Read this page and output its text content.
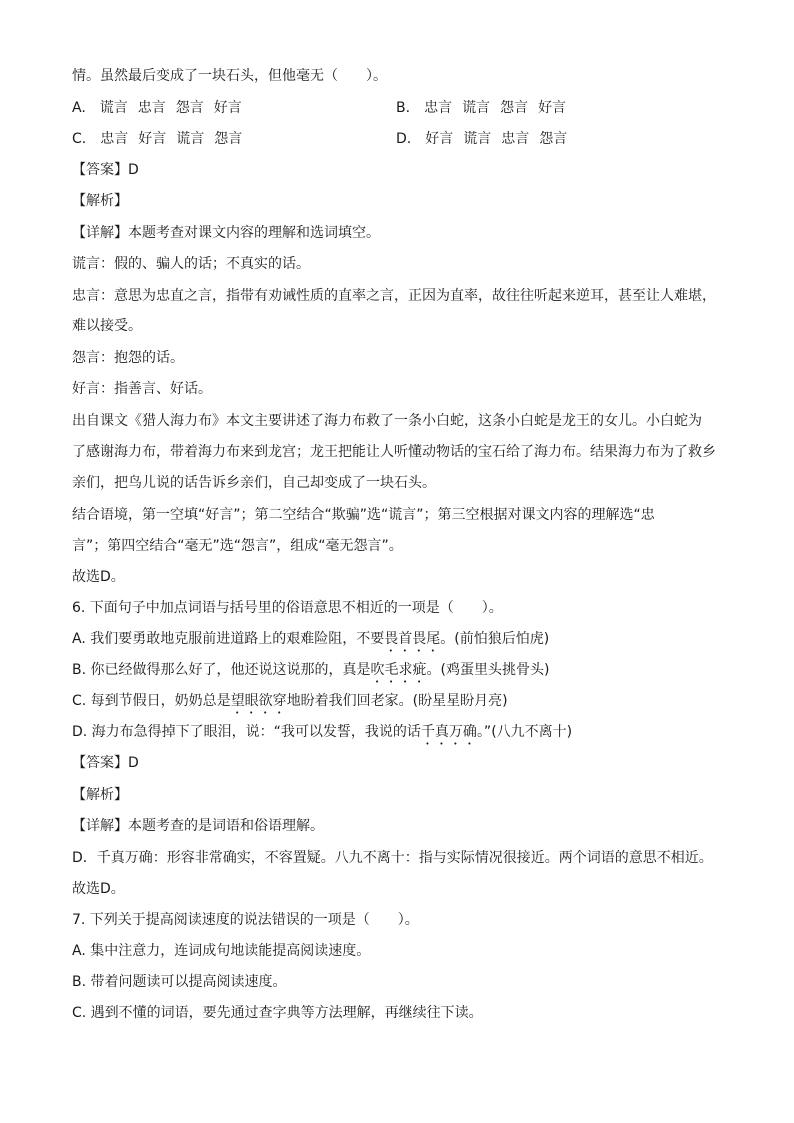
情。虽然最后变成了一块石头，但他毫无（　　）。
A. 谎言 忠言 怨言 好言	B. 忠言 谎言 怨言 好言
C. 忠言 好言 谎言 怨言	D. 好言 谎言 忠言 怨言
【答案】D
【解析】
【详解】本题考查对课文内容的理解和选词填空。
谎言：假的、骗人的话；不真实的话。
忠言：意思为忠直之言，指带有劝诫性质的直率之言，正因为直率，故往往听起来逆耳，甚至让人难堪，
难以接受。
怨言：抱怨的话。
好言：指善言、好话。
出自课文《猎人海力布》本文主要讲述了海力布救了一条小白蛇，这条小白蛇是龙王的女儿。小白蛇为
了感谢海力布，带着海力布来到龙宫；龙王把能让人听懂动物话的宝石给了海力布。结果海力布为了救乡
亲们，把鸟儿说的话告诉乡亲们，自己却变成了一块石头。
结合语境，第一空填“好言”；第二空结合“欺骗”选“谎言”；第三空根据对课文内容的理解选“忠
言”；第四空结合“毫无”选“怨言”，组成“毫无怨言”。
故选D。
6. 下面句子中加点词语与括号里的俗语意思不相近的一项是（　　）。
A. 我们要勇敢地克服前进道路上的艰难险阻，不要畏首畏尾。(前怕狼后怕虎)
B. 你已经做得那么好了，他还说这说那的，真是吹毛求疵。(鸡蛋里头挑骨头)
C. 每到节假日，奶奶总是望眼欲穿地盼着我们回老家。(盼星星盼月亮)
D. 海力布急得掉下了眼泪，说：“我可以发誓，我说的话千真万确。”(八九不离十)
【答案】D
【解析】
【详解】本题考查的是词语和俗语理解。
D．千真万确：形容非常确实，不容置疑。八九不离十：指与实际情况很接近。两个词语的意思不相近。
故选D。
7. 下列关于提高阅读速度的说法错误的一项是（　　）。
A. 集中注意力，连词成句地读能提高阅读速度。
B. 带着问题读可以提高阅读速度。
C. 遇到不懂的词语，要先通过查字典等方法理解，再继续往下读。
